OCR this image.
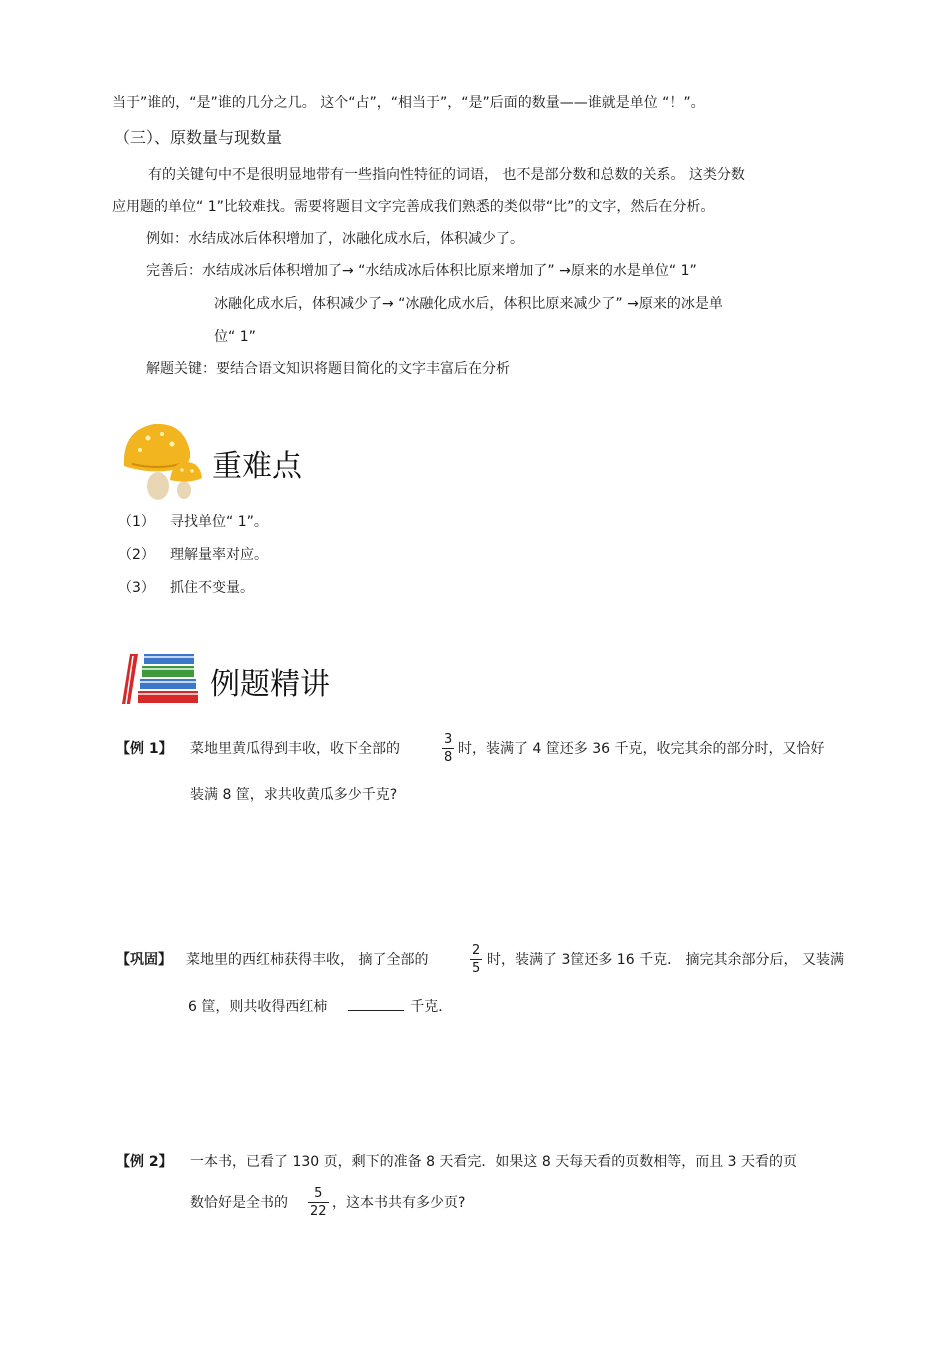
当于”谁的，“是”谁的几分之几。 这个“占”，“相当于”，“是”后面的数量——谁就是单位 “！”。
（三）、原数量与现数量
有的关键句中不是很明显地带有一些指向性特征的词语， 也不是部分数和总数的关系。 这类分数
应用题的单位“ 1”比较难找。需要将题目文字完善成我们熟悉的类似带“比”的文字，然后在分析。
例如：水结成冰后体积增加了，冰融化成水后，体积减少了。
完善后：水结成冰后体积增加了→ “水结成冰后体积比原来增加了” →原来的水是单位“ 1”
冰融化成水后，体积减少了→ “冰融化成水后，体积比原来减少了” →原来的冰是单
位“ 1”
解题关键：要结合语文知识将题目简化的文字丰富后在分析
重难点
（1） 寻找单位“ 1”。
（2） 理解量率对应。
（3） 抓住不变量。
例题精讲
【例 1】 菜地里黄瓜得到丰收，收下全部的
3
8
时，装满了 4 筐还多 36 千克，收完其余的部分时，又恰好
装满 8 筐，求共收黄瓜多少千克?
【巩固】 菜地里的西红柿获得丰收， 摘了全部的
2
5
时，装满了 3筐还多 16 千克． 摘完其余部分后， 又装满
6 筐，则共收得西红柿	千克．
【例 2】 一本书，已看了 130 页，剩下的准备 8 天看完．如果这 8 天每天看的页数相等，而且 3 天看的页
数恰好是全书的
5
22
，这本书共有多少页?
